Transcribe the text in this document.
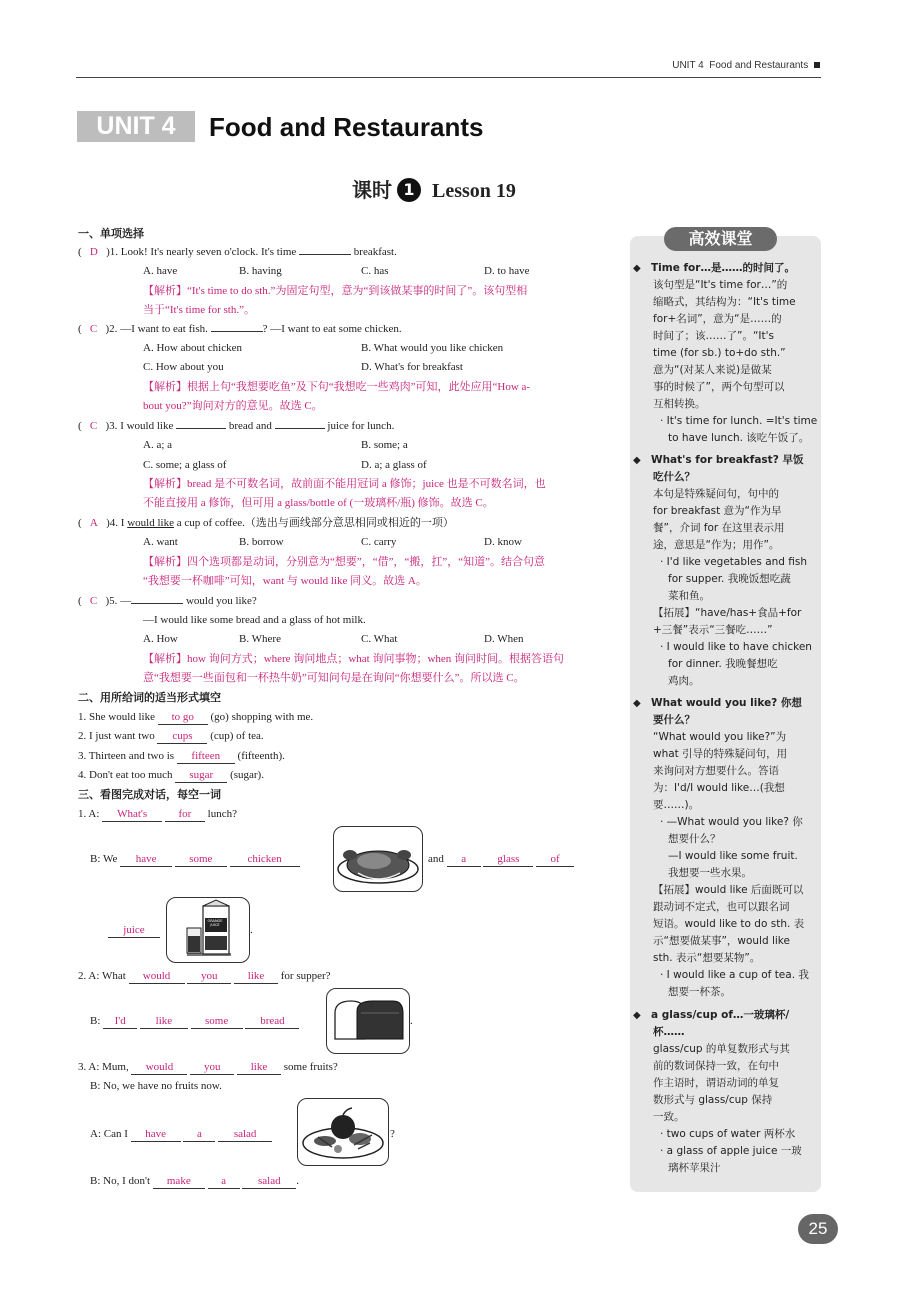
UNIT 4  Food and Restaurants
UNIT 4	Food and Restaurants
课时 1 Lesson 19
一、单项选择
(   D )1. Look! It's nearly seven o'clock. It's time	breakfast.
A. have	B. having	C. has	D. to have
【解析】“It's time to do sth.”为固定句型，意为“到该做某事的时间了”。该句型相
当于“It's time for sth.”。
(   C )2. —I want to eat fish.	? —I want to eat some chicken.
A. How about chicken	B. What would you like chicken
C. How about you	D. What's for breakfast
【解析】根据上句“我想要吃鱼”及下句“我想吃一些鸡肉”可知，此处应用“How a-
bout you?”询问对方的意见。故选 C。
(   C )3. I would like	bread and	juice for lunch.
A. a; a	B. some; a
C. some; a glass of	D. a; a glass of
【解析】bread 是不可数名词，故前面不能用冠词 a 修饰；juice 也是不可数名词，也
不能直接用 a 修饰，但可用 a glass/bottle of (一玻璃杯/瓶) 修饰。故选 C。
(   A )4. I would like a cup of coffee.（选出与画线部分意思相同或相近的一项）
A. want	B. borrow	C. carry	D. know
【解析】四个选项都是动词，分别意为“想要”，“借”，“搬，扛”，“知道”。结合句意
“我想要一杯咖啡”可知，want 与 would like 同义。故选 A。
(   C )5. —	would you like?
—I would like some bread and a glass of hot milk.
A. How	B. Where	C. What	D. When
【解析】how 询问方式；where 询问地点；what 询问事物；when 询问时间。根据答语句
意“我想要一些面包和一杯热牛奶”可知问句是在询问“你想要什么”。所以选 C。
二、用所给词的适当形式填空
1. She would like to go (go) shopping with me.
2. I just want two cups (cup) of tea.
3. Thirteen and two is fifteen (fifteenth).
4. Don't eat too much sugar (sugar).
三、看图完成对话，每空一词
1. A: What's	for lunch?
B: We have	some	chicken	and a	glass	of
juice
ORANGE JUICE	.
2. A: What would	you	like for supper?
B: I'd	like	some	bread	.
3. A: Mum, would	you	like some fruits?
B: No, we have no fruits now.
A: Can I have	a	salad	?
B: No, I don't make	a	salad .
高效课堂
◆ Time for…是……的时间了。
该句型是“It's time for…”的
缩略式，其结构为：“It's time
for+名词”，意为“是……的
时间了；该……了”。“It's
time (for sb.) to+do sth.”
意为“(对某人来说)是做某
事的时候了”，两个句型可以
互相转换。
· It's time for lunch. =It's time
to have lunch. 该吃午饭了。
◆ What's for breakfast? 早饭
吃什么？
本句是特殊疑问句，句中的
for breakfast 意为“作为早
餐”，介词 for 在这里表示用
途，意思是“作为；用作”。
· I'd like vegetables and fish
for supper. 我晚饭想吃蔬
菜和鱼。
【拓展】“have/has+食品+for
+三餐”表示“三餐吃……”
· I would like to have chicken
for dinner. 我晚餐想吃
鸡肉。
◆ What would you like? 你想
要什么？
“What would you like?”为
what 引导的特殊疑问句，用
来询问对方想要什么。答语
为：I'd/I would like…(我想
要……)。
· —What would you like? 你
想要什么？
—I would like some fruit.
我想要一些水果。
【拓展】would like 后面既可以
跟动词不定式，也可以跟名词
短语。would like to do sth. 表
示“想要做某事”，would like
sth. 表示“想要某物”。
· I would like a cup of tea. 我
想要一杯茶。
◆ a glass/cup of…一玻璃杯/
杯……
glass/cup 的单复数形式与其
前的数词保持一致，在句中
作主语时，谓语动词的单复
数形式与 glass/cup 保持
一致。
· two cups of water 两杯水
· a glass of apple juice 一玻
璃杯苹果汁
25
